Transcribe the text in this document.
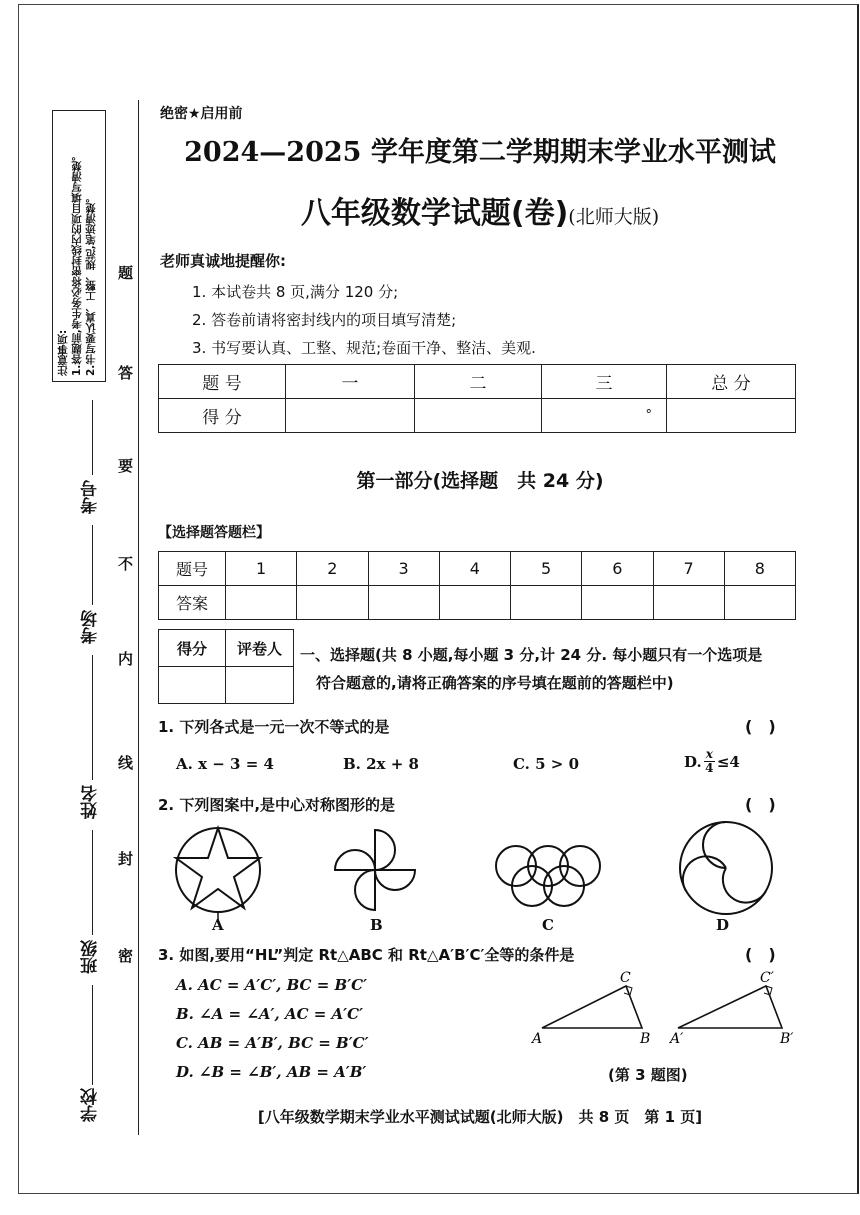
注意事项: 1.答题前,考生务必将密封线内的项目填写清楚。 2.书写要认真、工整、规范,笔迹清楚。 题
答
要
不
内
线
封
密
考号
考场
姓名
班级
学校
绝密★启用前
2024—2025 学年度第二学期期末学业水平测试
八年级数学试题(卷)(北师大版)
老师真诚地提醒你:
1. 本试卷共 8 页,满分 120 分;
2. 答卷前请将密封线内的项目填写清楚;
3. 书写要认真、工整、规范;卷面干净、整洁、美观.
题 号	一	二	三	总 分
得 分			°	
第一部分(选择题　共 24 分)
【选择题答题栏】
题号	1	2	3	4	5	6	7	8
答案								
得分	评卷人
	一、选择题(共 8 小题,每小题 3 分,计 24 分. 每小题只有一个选项是
符合题意的,请将正确答案的序号填在题前的答题栏中)
1. 下列各式是一元一次不等式的是	(　)
A. x − 3 = 4	B. 2x + 8	C. 5 > 0	D. $\frac{x}{4} \le 4$
2. 下列图案中,是中心对称图形的是	(　)
A	B	C	D
3. 如图,要用“HL”判定 Rt△ABC 和 Rt△A′B′C′全等的条件是	(　)
A. AC = A′C′, BC = B′C′
B. ∠A = ∠A′, AC = A′C′
C. AB = A′B′, BC = B′C′
D. ∠B = ∠B′, AB = A′B′
A	B
C
A′	B′
C′
(第 3 题图)
[八年级数学期末学业水平测试试题(北师大版)　共 8 页　第 1 页]
